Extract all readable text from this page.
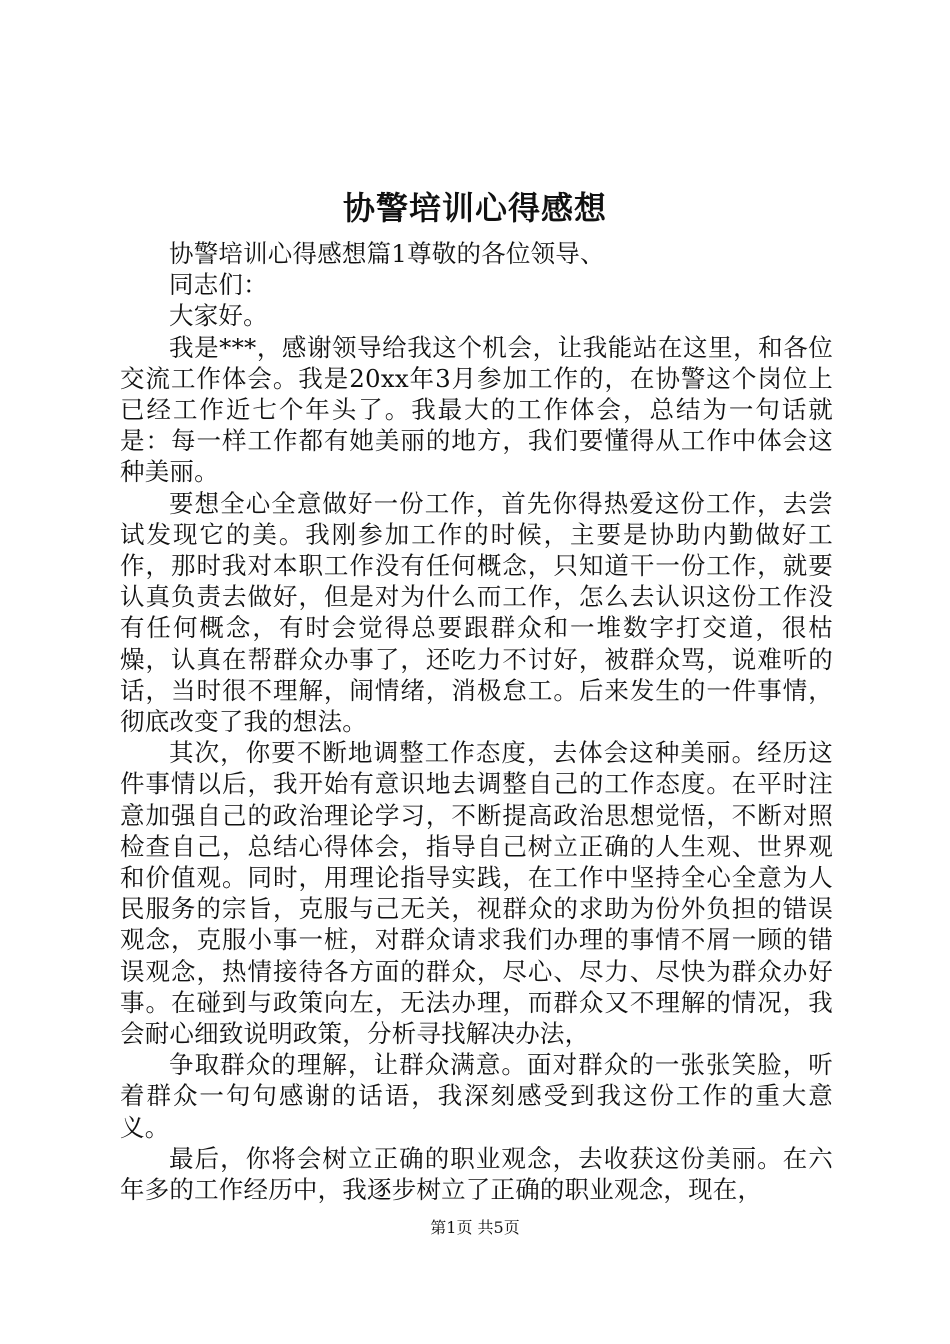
协警培训心得感想

协警培训心得感想篇1尊敬的各位领导、

同志们：

大家好。

我是***，感谢领导给我这个机会，让我能站在这里，和各位交流工作体会。我是20xx年3月参加工作的，在协警这个岗位上已经工作近七个年头了。我最大的工作体会，总结为一句话就是：每一样工作都有她美丽的地方，我们要懂得从工作中体会这种美丽。

要想全心全意做好一份工作，首先你得热爱这份工作，去尝试发现它的美。我刚参加工作的时候，主要是协助内勤做好工作，那时我对本职工作没有任何概念，只知道干一份工作，就要认真负责去做好，但是对为什么而工作，怎么去认识这份工作没有任何概念，有时会觉得总要跟群众和一堆数字打交道，很枯燥，认真在帮群众办事了，还吃力不讨好，被群众骂，说难听的话，当时很不理解，闹情绪，消极怠工。后来发生的一件事情，彻底改变了我的想法。

其次，你要不断地调整工作态度，去体会这种美丽。经历这件事情以后，我开始有意识地去调整自己的工作态度。在平时注意加强自己的政治理论学习，不断提高政治思想觉悟，不断对照检查自己，总结心得体会，指导自己树立正确的人生观、世界观和价值观。同时，用理论指导实践，在工作中坚持全心全意为人民服务的宗旨，克服与己无关，视群众的求助为份外负担的错误观念，克服小事一桩，对群众请求我们办理的事情不屑一顾的错误观念，热情接待各方面的群众，尽心、尽力、尽快为群众办好事。在碰到与政策向左，无法办理，而群众又不理解的情况，我会耐心细致说明政策，分析寻找解决办法，

争取群众的理解，让群众满意。面对群众的一张张笑脸，听着群众一句句感谢的话语，我深刻感受到我这份工作的重大意义。

最后，你将会树立正确的职业观念，去收获这份美丽。在六年多的工作经历中，我逐步树立了正确的职业观念，现在，

第1页 共5页
